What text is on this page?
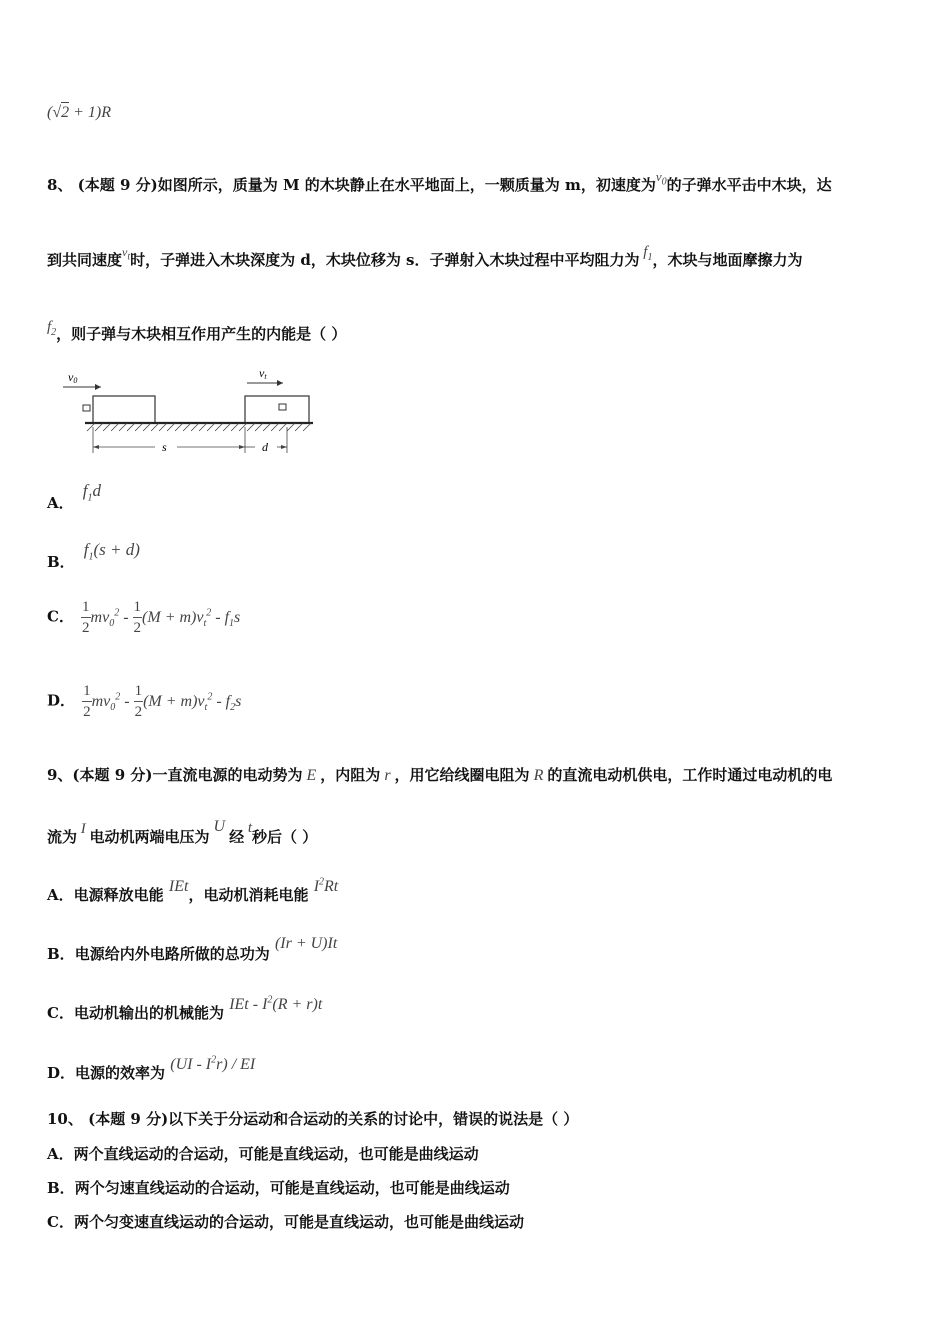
(√2 + 1)R
8、 (本题 9 分)如图所示，质量为 M 的木块静止在水平地面上，一颗质量为 m，初速度为$v_0$的子弹水平击中木块，达
到共同速度$^{v_t}$时，子弹进入木块深度为 d，木块位移为 s．子弹射入木块过程中平均阻力为 $f_1$，木块与地面摩擦力为
$f_2$，则子弹与木块相互作用产生的内能是（ ）
v0
vt
s	d
A． $f_1d$
B． $f_1(s + d)$
C． $\frac{1}{2} mv_0^2 - \frac{1}{2} (M + m)v_t^2 - f_1s$
D． $\frac{1}{2} mv_0^2 - \frac{1}{2} (M + m)v_t^2 - f_2s$
9、(本题 9 分)一直流电源的电动势为 E ，内阻为 r ，用它给线圈电阻为 R 的直流电动机供电，工作时通过电动机的电
流为 I 电动机两端电压为 U 经 t秒后（ ）
A．电源释放电能 IEt，电动机消耗电能 $I^2Rt$
B．电源给内外电路所做的总功为 (Ir + U)It
C．电动机输出的机械能为 IEt - $I^2(R + r)t$
D．电源的效率为 $(UI - I^2r)$ / EI
10、 (本题 9 分)以下关于分运动和合运动的关系的讨论中，错误的说法是（ ）
A．两个直线运动的合运动，可能是直线运动，也可能是曲线运动
B．两个匀速直线运动的合运动，可能是直线运动，也可能是曲线运动
C．两个匀变速直线运动的合运动，可能是直线运动，也可能是曲线运动
